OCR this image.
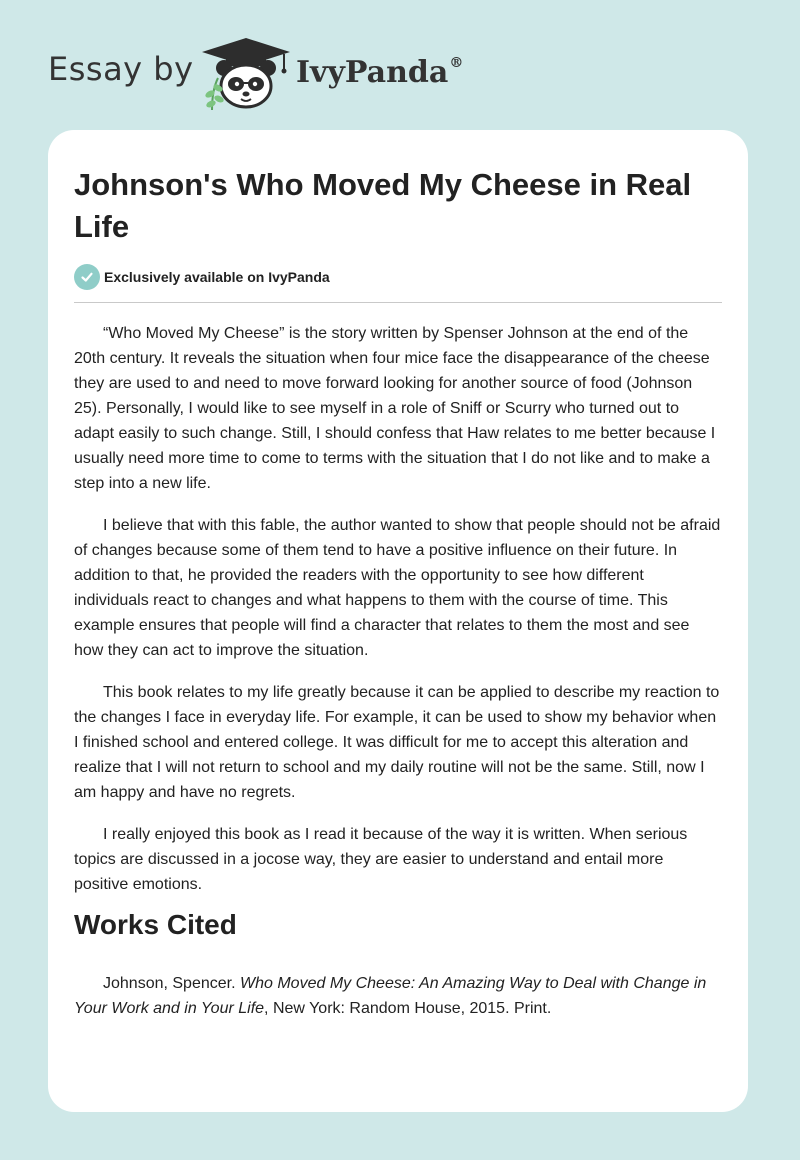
Essay by	IvyPanda®
Johnson's Who Moved My Cheese in Real Life
Exclusively available on IvyPanda

“Who Moved My Cheese” is the story written by Spenser Johnson at the end of the 20th century. It reveals the situation when four mice face the disappearance of the cheese they are used to and need to move forward looking for another source of food (Johnson 25). Personally, I would like to see myself in a role of Sniff or Scurry who turned out to adapt easily to such change. Still, I should confess that Haw relates to me better because I usually need more time to come to terms with the situation that I do not like and to make a step into a new life.

I believe that with this fable, the author wanted to show that people should not be afraid of changes because some of them tend to have a positive influence on their future. In addition to that, he provided the readers with the opportunity to see how different individuals react to changes and what happens to them with the course of time. This example ensures that people will find a character that relates to them the most and see how they can act to improve the situation.

This book relates to my life greatly because it can be applied to describe my reaction to the changes I face in everyday life. For example, it can be used to show my behavior when I finished school and entered college. It was difficult for me to accept this alteration and realize that I will not return to school and my daily routine will not be the same. Still, now I am happy and have no regrets.

I really enjoyed this book as I read it because of the way it is written. When serious topics are discussed in a jocose way, they are easier to understand and entail more positive emotions.

Works Cited

Johnson, Spencer. Who Moved My Cheese: An Amazing Way to Deal with Change in Your Work and in Your Life, New York: Random House, 2015. Print.
